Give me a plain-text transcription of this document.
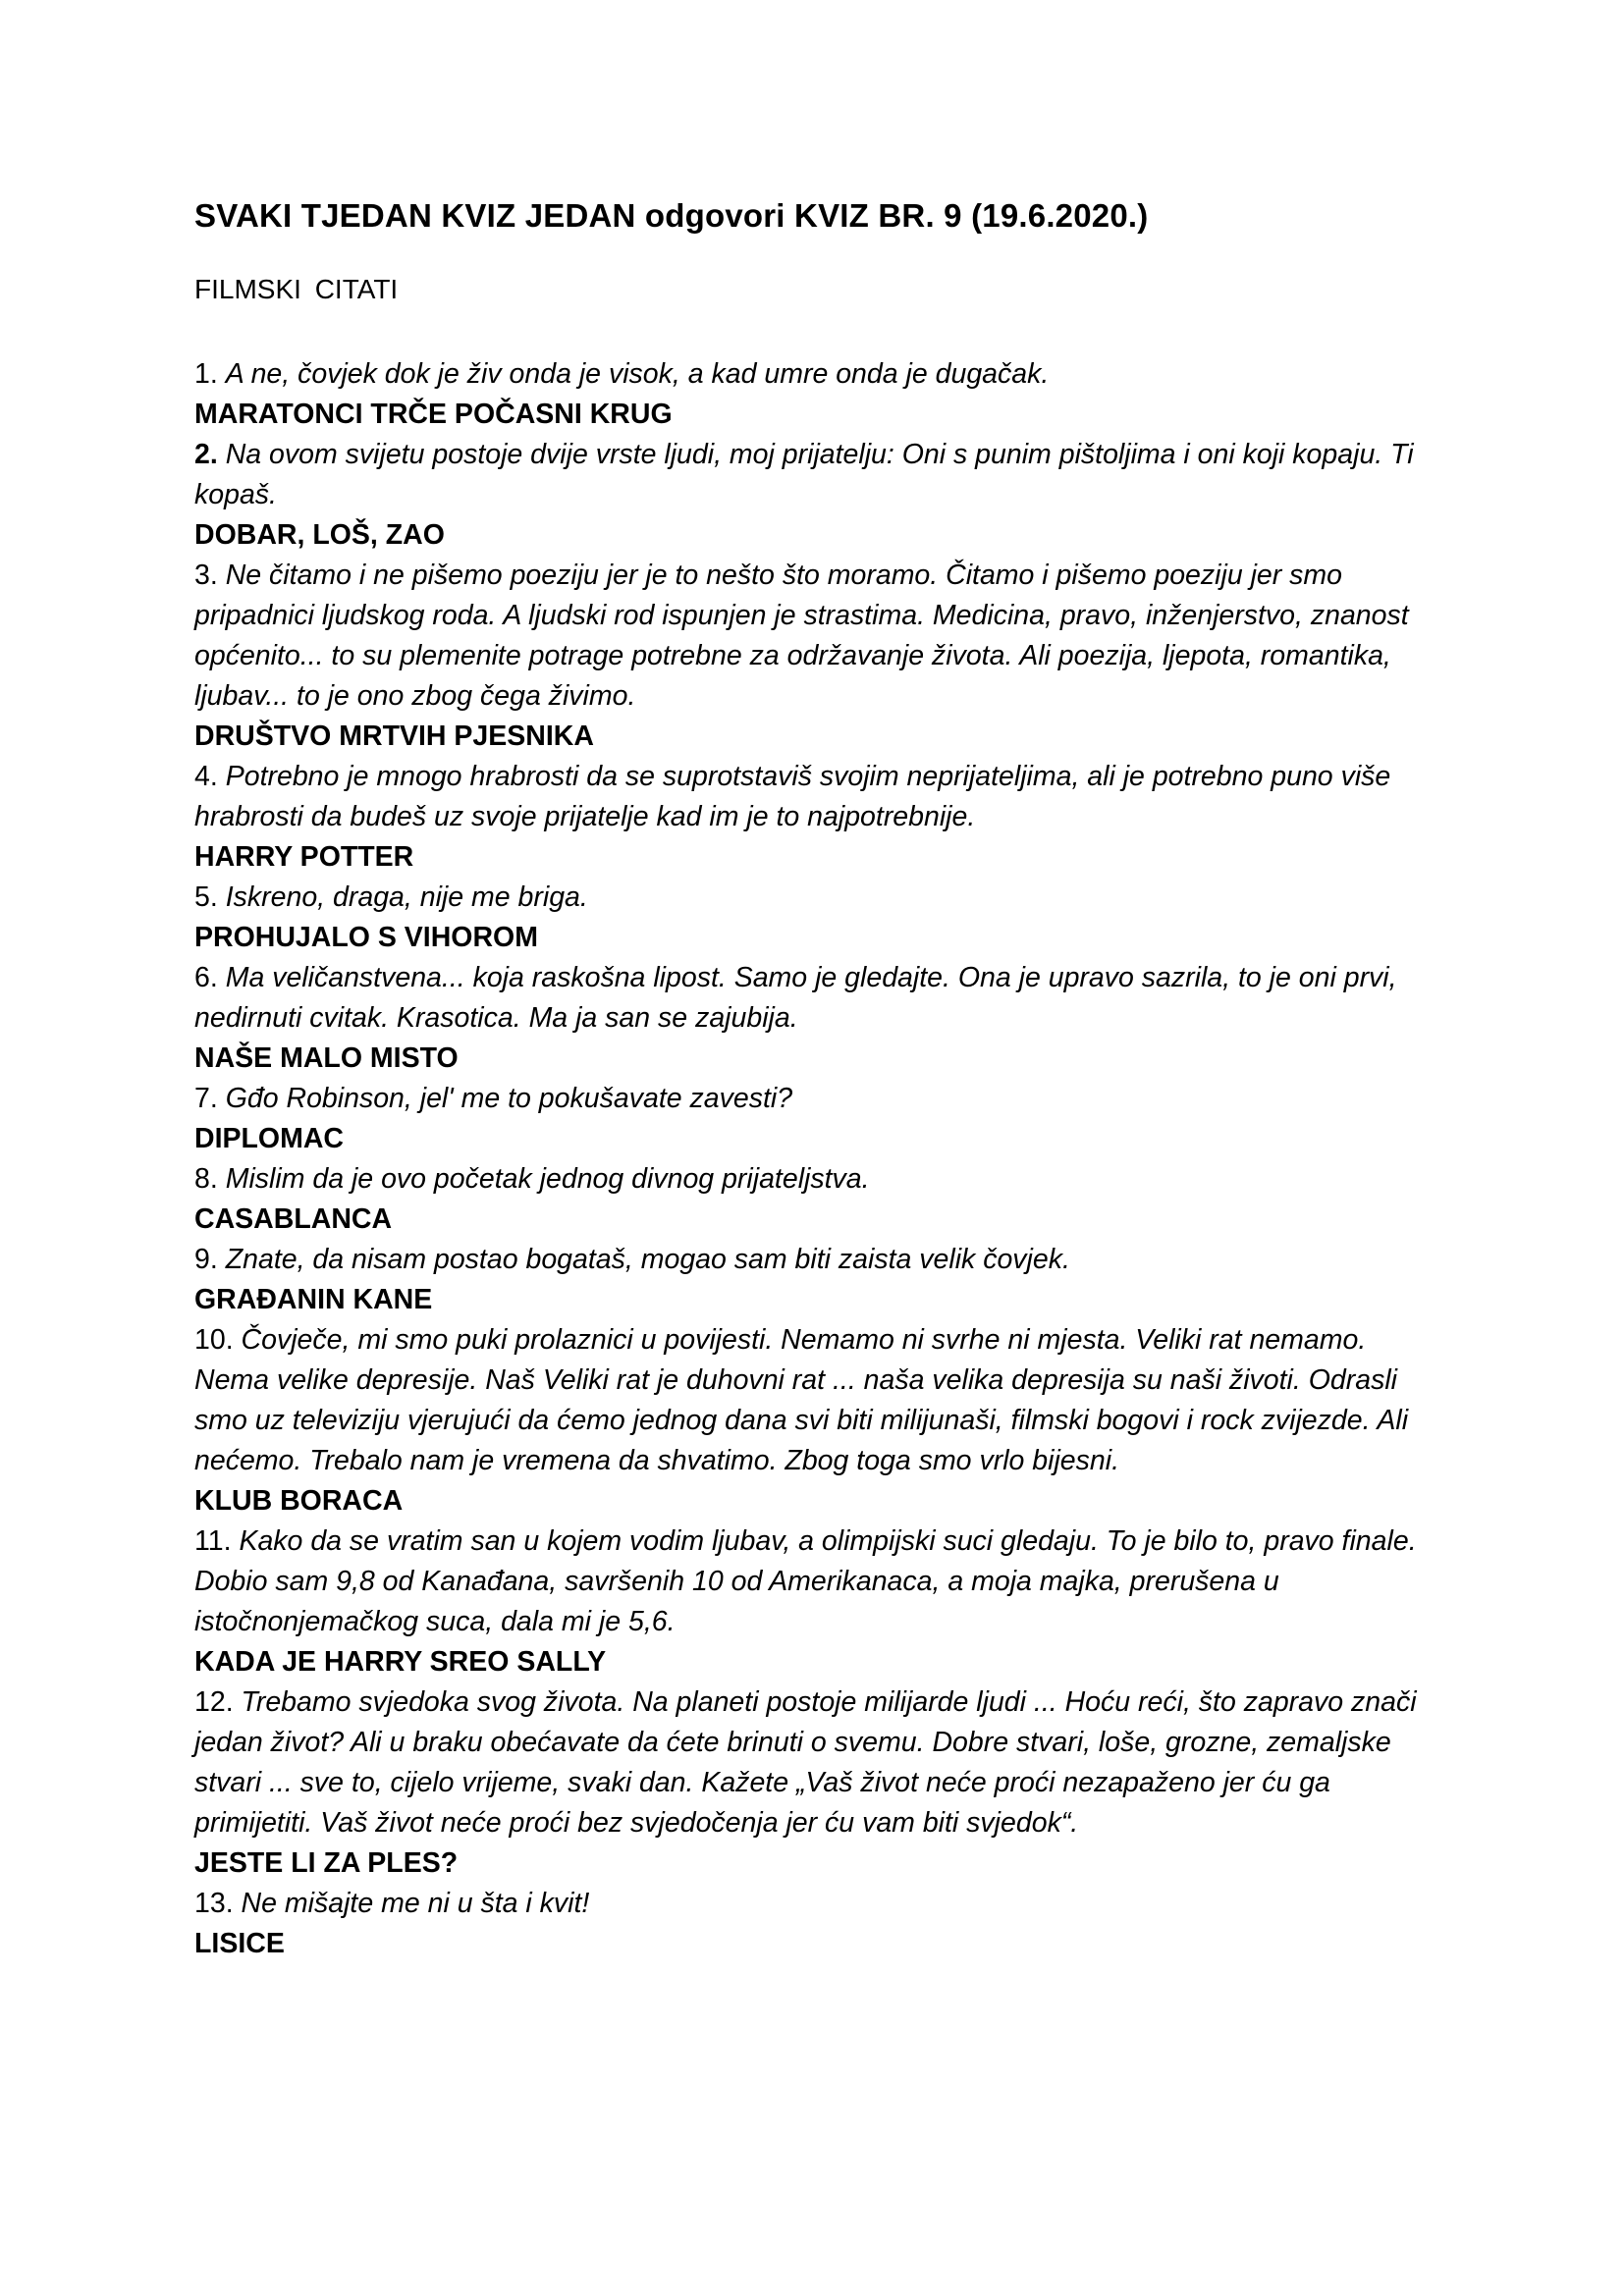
SVAKI TJEDAN KVIZ JEDAN odgovori KVIZ BR. 9 (19.6.2020.)

FILMSKI CITATI

1. A ne, čovjek dok je živ onda je visok, a kad umre onda je dugačak.

MARATONCI TRČE POČASNI KRUG

2. Na ovom svijetu postoje dvije vrste ljudi, moj prijatelju: Oni s punim pištoljima i oni koji kopaju. Ti kopaš.

DOBAR, LOŠ, ZAO

3. Ne čitamo i ne pišemo poeziju jer je to nešto što moramo. Čitamo i pišemo poeziju jer smo pripadnici ljudskog roda. A ljudski rod ispunjen je strastima. Medicina, pravo, inženjerstvo, znanost općenito... to su plemenite potrage potrebne za održavanje života. Ali poezija, ljepota, romantika, ljubav... to je ono zbog čega živimo.

DRUŠTVO MRTVIH PJESNIKA

4. Potrebno je mnogo hrabrosti da se suprotstaviš svojim neprijateljima, ali je potrebno puno više hrabrosti da budeš uz svoje prijatelje kad im je to najpotrebnije.

HARRY POTTER

5. Iskreno, draga, nije me briga.

PROHUJALO S VIHOROM

6. Ma veličanstvena... koja raskošna lipost. Samo je gledajte. Ona je upravo sazrila, to je oni prvi, nedirnuti cvitak. Krasotica. Ma ja san se zajubija.

NAŠE MALO MISTO

7. Gđo Robinson, jel' me to pokušavate zavesti?

DIPLOMAC

8. Mislim da je ovo početak jednog divnog prijateljstva.

CASABLANCA

9. Znate, da nisam postao bogataš, mogao sam biti zaista velik čovjek.

GRAĐANIN KANE

10. Čovječe, mi smo puki prolaznici u povijesti. Nemamo ni svrhe ni mjesta. Veliki rat nemamo. Nema velike depresije. Naš Veliki rat je duhovni rat ... naša velika depresija su naši životi. Odrasli smo uz televiziju vjerujući da ćemo jednog dana svi biti milijunaši, filmski bogovi i rock zvijezde. Ali nećemo. Trebalo nam je vremena da shvatimo. Zbog toga smo vrlo bijesni.

KLUB BORACA

11. Kako da se vratim san u kojem vodim ljubav, a olimpijski suci gledaju. To je bilo to, pravo finale. Dobio sam 9,8 od Kanađana, savršenih 10 od Amerikanaca, a moja majka, prerušena u istočnonjemačkog suca, dala mi je 5,6.

KADA JE HARRY SREO SALLY

12. Trebamo svjedoka svog života. Na planeti postoje milijarde ljudi ... Hoću reći, što zapravo znači jedan život? Ali u braku obećavate da ćete brinuti o svemu. Dobre stvari, loše, grozne, zemaljske stvari ... sve to, cijelo vrijeme, svaki dan. Kažete „Vaš život neće proći nezapaženo jer ću ga primijetiti. Vaš život neće proći bez svjedočenja jer ću vam biti svjedok“.

JESTE LI ZA PLES?

13. Ne mišajte me ni u šta i kvit!

LISICE
